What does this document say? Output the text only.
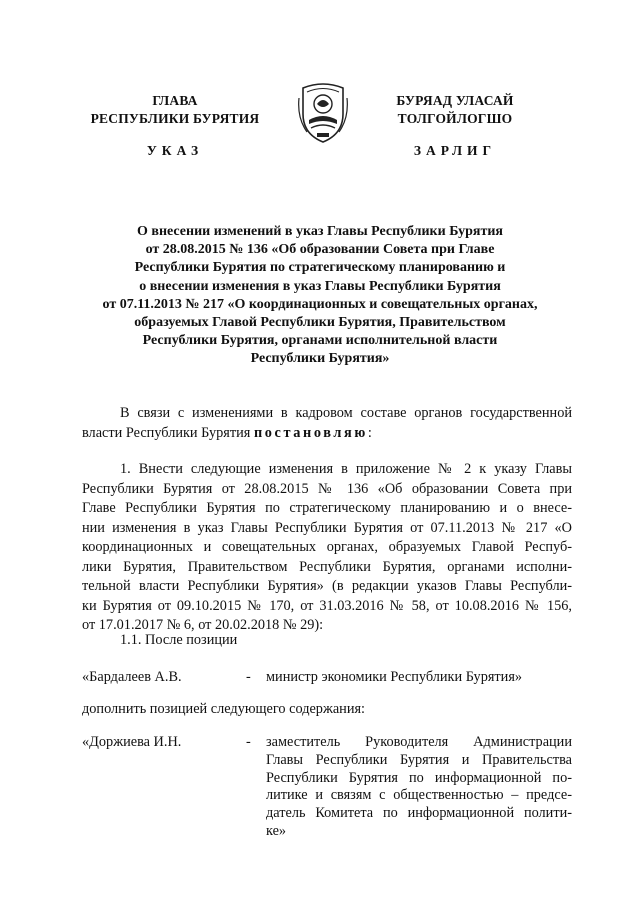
ГЛАВА
РЕСПУБЛИКИ БУРЯТИЯ
УКАЗ
БУРЯАД УЛАСАЙ
ТОЛГОЙЛОГШО
ЗАРЛИГ
О внесении изменений в указ Главы Республики Бурятия
от 28.08.2015 № 136 «Об образовании Совета при Главе
Республики Бурятия по стратегическому планированию и
о внесении изменения в указ Главы Республики Бурятия
от 07.11.2013 № 217 «О координационных и совещательных органах,
образуемых Главой Республики Бурятия, Правительством
Республики Бурятия, органами исполнительной власти
Республики Бурятия»
В связи с изменениями в кадровом составе органов государственной
власти Республики Бурятия постановляю:
1. Внести следующие изменения в приложение № 2 к указу Главы
Республики Бурятия от 28.08.2015 № 136 «Об образовании Совета при
Главе Республики Бурятия по стратегическому планированию и о внесе-
нии изменения в указ Главы Республики Бурятия от 07.11.2013 № 217 «О
координационных и совещательных органах, образуемых Главой Респуб-
лики Бурятия, Правительством Республики Бурятия, органами исполни-
тельной власти Республики Бурятия» (в редакции указов Главы Республи-
ки Бурятия от 09.10.2015 № 170, от 31.03.2016 № 58, от 10.08.2016 № 156,
от 17.01.2017 № 6, от 20.02.2018 № 29):
1.1. После позиции
«Бардалеев А.В.	- министр экономики Республики Бурятия»
дополнить позицией следующего содержания:
«Доржиева И.Н.	- заместитель Руководителя Администрации
Главы Республики Бурятия и Правительства
Республики Бурятия по информационной по-
литике и связям с общественностью – предсе-
датель Комитета по информационной полити-
ке»
